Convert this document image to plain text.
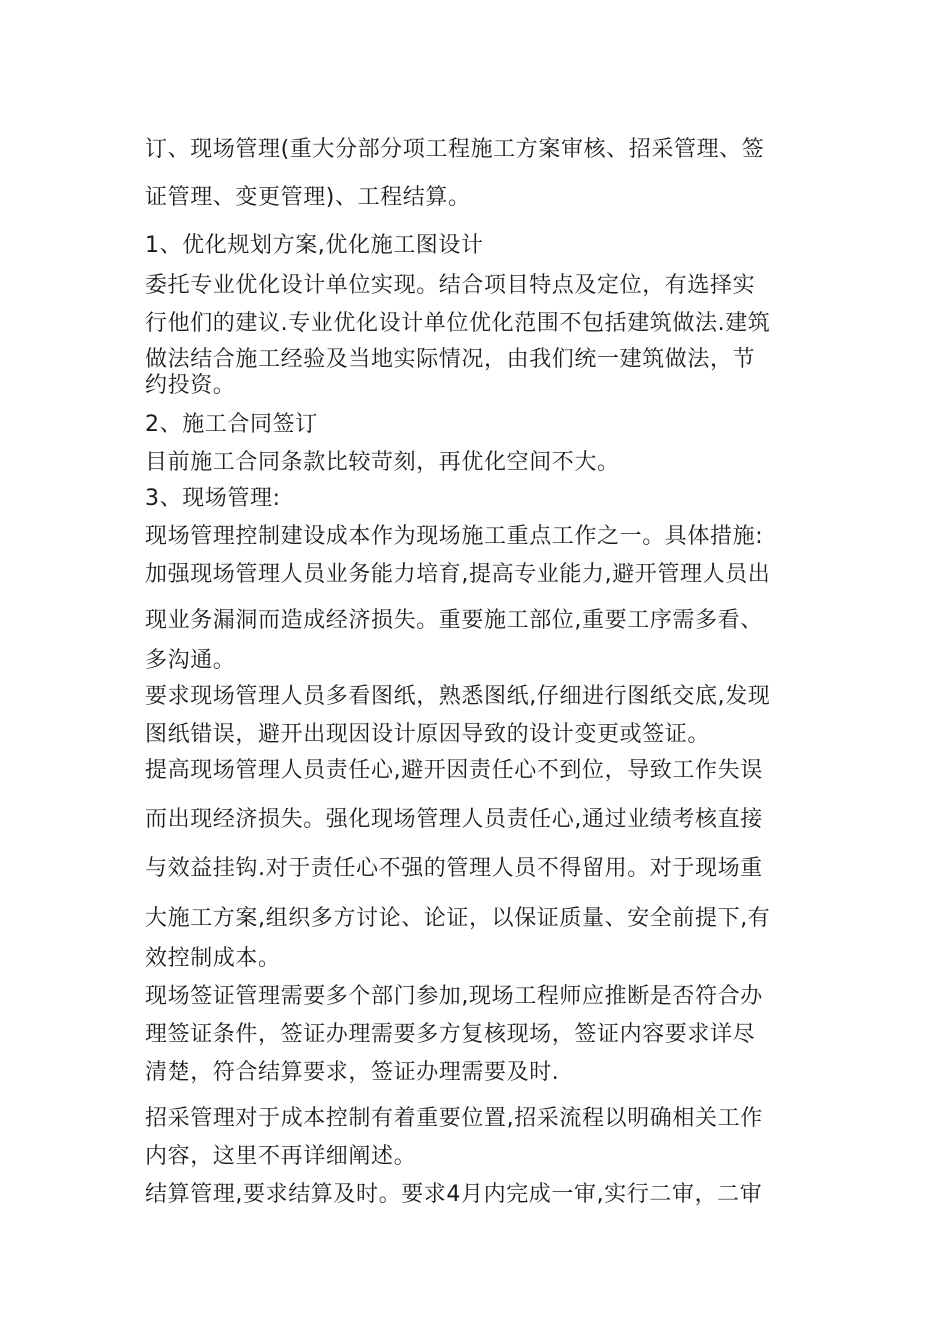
订、现场管理(重大分部分项工程施工方案审核、招采管理、签
证管理、变更管理)、工程结算。
1、优化规划方案,优化施工图设计
委托专业优化设计单位实现。结合项目特点及定位，有选择实
行他们的建议.专业优化设计单位优化范围不包括建筑做法.建筑
做法结合施工经验及当地实际情况，由我们统一建筑做法，节
约投资。
2、施工合同签订
目前施工合同条款比较苛刻，再优化空间不大。
3、现场管理:
现场管理控制建设成本作为现场施工重点工作之一。具体措施:
加强现场管理人员业务能力培育,提高专业能力,避开管理人员出
现业务漏洞而造成经济损失。重要施工部位,重要工序需多看、
多沟通。
要求现场管理人员多看图纸，熟悉图纸,仔细进行图纸交底,发现
图纸错误，避开出现因设计原因导致的设计变更或签证。
提高现场管理人员责任心,避开因责任心不到位，导致工作失误
而出现经济损失。强化现场管理人员责任心,通过业绩考核直接
与效益挂钩.对于责任心不强的管理人员不得留用。对于现场重
大施工方案,组织多方讨论、论证，以保证质量、安全前提下,有
效控制成本。
现场签证管理需要多个部门参加,现场工程师应推断是否符合办
理签证条件，签证办理需要多方复核现场，签证内容要求详尽
清楚，符合结算要求，签证办理需要及时.
招采管理对于成本控制有着重要位置,招采流程以明确相关工作
内容，这里不再详细阐述。
结算管理,要求结算及时。要求4月内完成一审,实行二审，二审
